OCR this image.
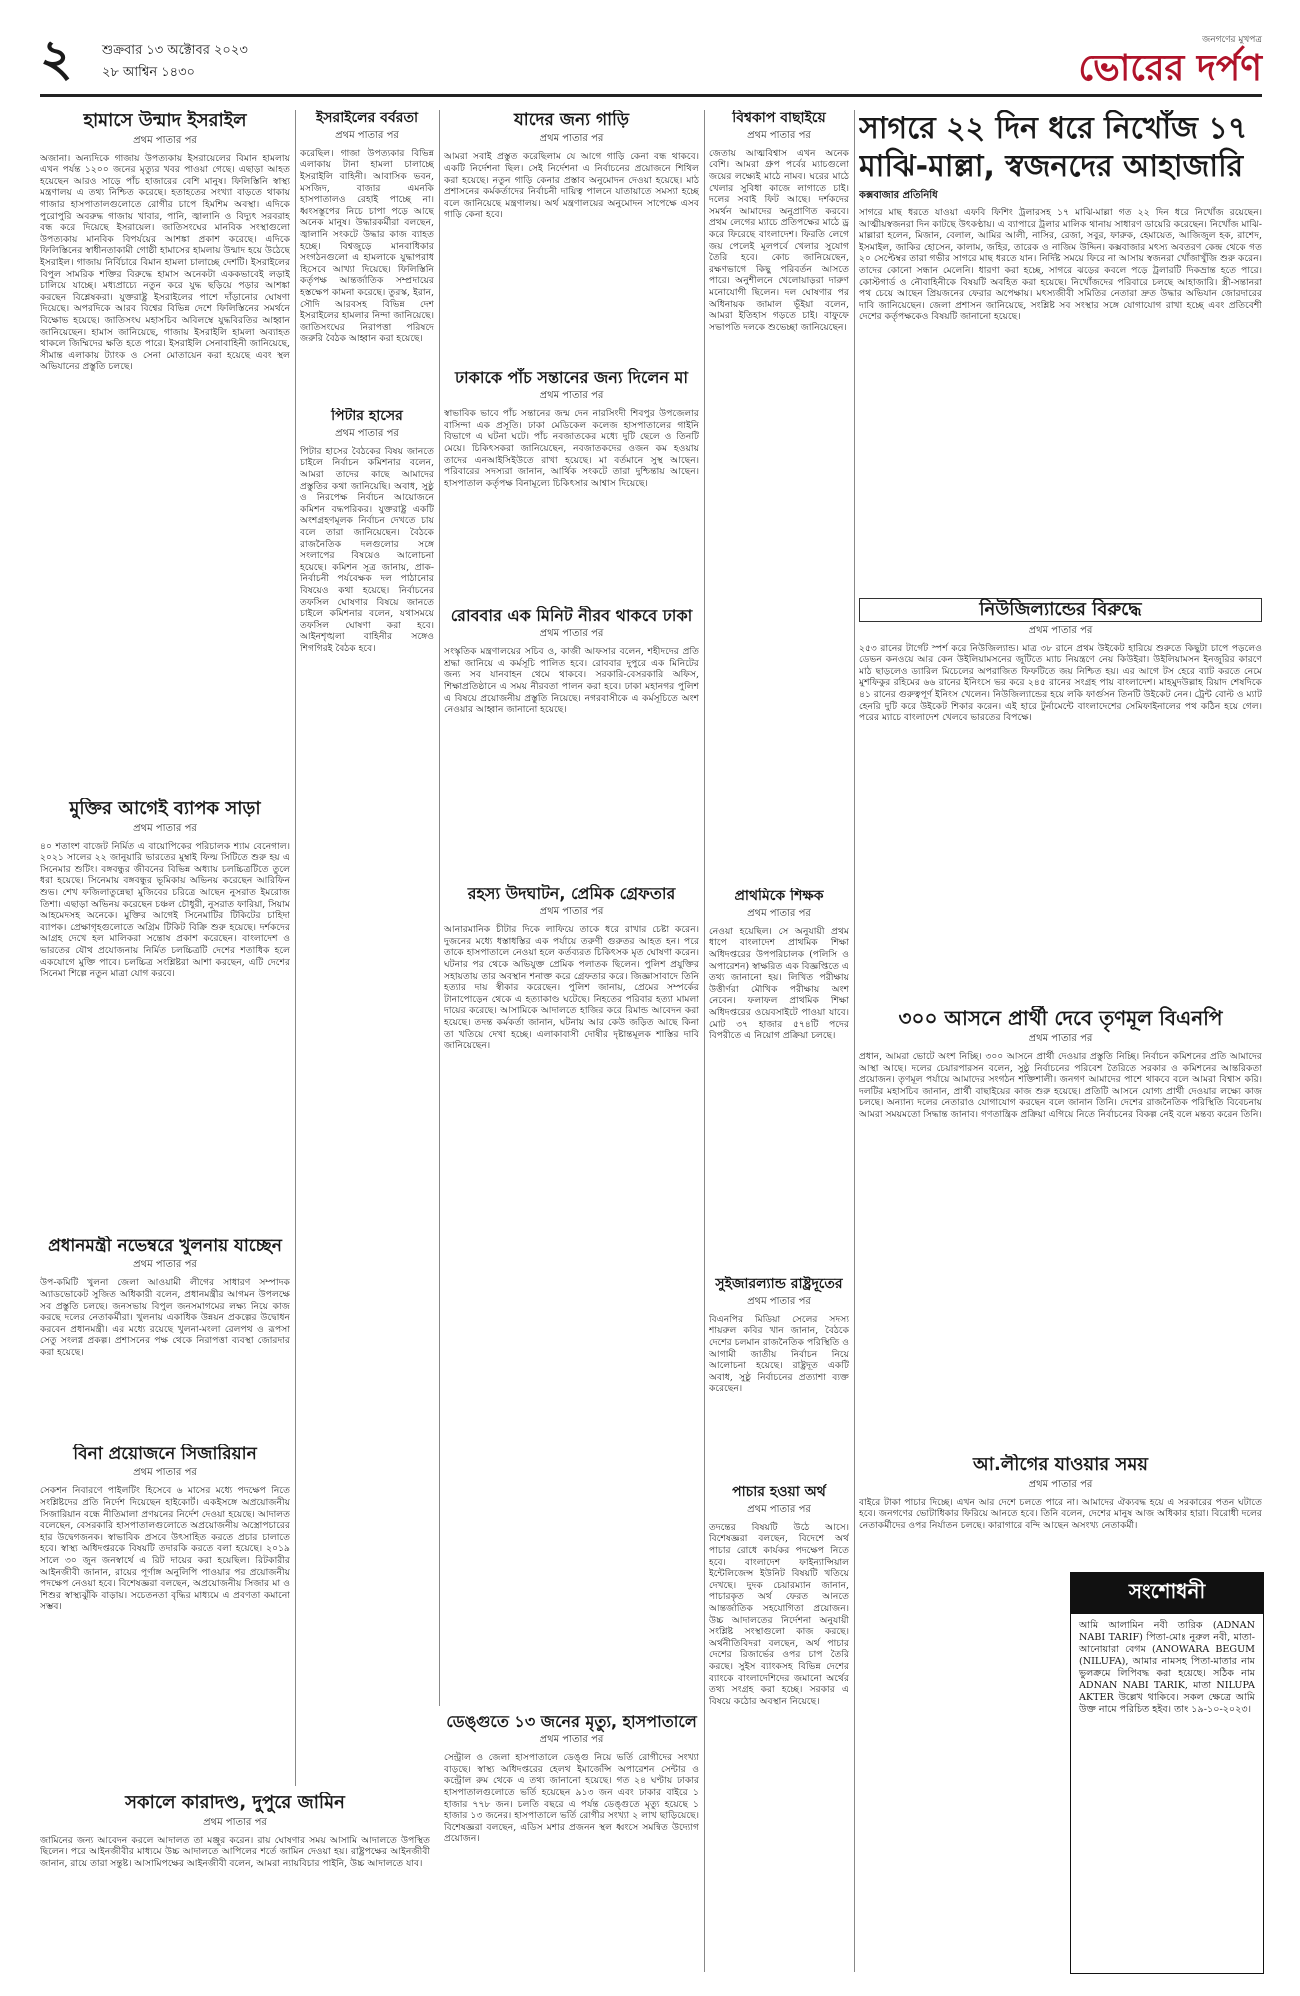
২ শুক্রবার ১৩ অক্টোবর ২০২৩
২৮ আশ্বিন ১৪৩০
জনগণের মুখপত্র
ভোরের দর্পণ
হামাসে উন্মাদ ইসরাইল
প্রথম পাতার পর
অজানা। অন্যদিকে গাজায় উপত্যকায় ইসরায়েলের বিমান হামলায় এখন পর্যন্ত ১২০০ জনের মৃত্যুর খবর পাওয়া গেছে। এছাড়া আহত হয়েছেন আরও সাড়ে পাঁচ হাজারের বেশি মানুষ। ফিলিস্তিনি স্বাস্থ্য মন্ত্রণালয় এ তথ্য নিশ্চিত করেছে। হতাহতের সংখ্যা বাড়তে থাকায় গাজার হাসপাতালগুলোতে রোগীর চাপে হিমশিম অবস্থা। এদিকে পুরোপুরি অবরুদ্ধ গাজায় খাবার, পানি, জ্বালানি ও বিদ্যুৎ সরবরাহ বন্ধ করে দিয়েছে ইসরায়েল। জাতিসংঘের মানবিক সংস্থাগুলো উপত্যকায় মানবিক বিপর্যয়ের আশঙ্কা প্রকাশ করেছে। এদিকে ফিলিস্তিনের স্বাধীনতাকামী গোষ্ঠী হামাসের হামলায় উন্মাদ হয়ে উঠেছে ইসরাইল। গাজায় নির্বিচারে বিমান হামলা চালাচ্ছে দেশটি। ইসরাইলের বিপুল সামরিক শক্তির বিরুদ্ধে হামাস অনেকটা এককভাবেই লড়াই চালিয়ে যাচ্ছে। মধ্যপ্রাচ্যে নতুন করে যুদ্ধ ছড়িয়ে পড়ার আশঙ্কা করছেন বিশ্লেষকরা। যুক্তরাষ্ট্র ইসরাইলের পাশে দাঁড়ানোর ঘোষণা দিয়েছে। অপরদিকে আরব বিশ্বের বিভিন্ন দেশে ফিলিস্তিনের সমর্থনে বিক্ষোভ হয়েছে। জাতিসংঘ মহাসচিব অবিলম্বে যুদ্ধবিরতির আহ্বান জানিয়েছেন। হামাস জানিয়েছে, গাজায় ইসরাইলি হামলা অব্যাহত থাকলে জিম্মিদের ক্ষতি হতে পারে। ইসরাইলি সেনাবাহিনী জানিয়েছে, সীমান্ত এলাকায় ট্যাংক ও সেনা মোতায়েন করা হয়েছে এবং স্থল অভিযানের প্রস্তুতি চলছে।
মুক্তির আগেই ব্যাপক সাড়া
প্রথম পাতার পর
৪০ শতাংশ বাজেট নির্মিত এ বায়োপিকের পরিচালক শ্যাম বেনেগাল। ২০২১ সালের ২২ জানুয়ারি ভারতের মুম্বাই ফিল্ম সিটিতে শুরু হয় এ সিনেমার শুটিং। বঙ্গবন্ধুর জীবনের বিভিন্ন অধ্যায় চলচ্চিত্রটিতে তুলে ধরা হয়েছে। সিনেমায় বঙ্গবন্ধুর ভূমিকায় অভিনয় করেছেন আরিফিন শুভ। শেখ ফজিলাতুন্নেছা মুজিবের চরিত্রে আছেন নুসরাত ইমরোজ তিশা। এছাড়া অভিনয় করেছেন চঞ্চল চৌধুরী, নুসরাত ফারিয়া, সিয়াম আহমেদসহ অনেকে। মুক্তির আগেই সিনেমাটির টিকিটের চাহিদা ব্যাপক। প্রেক্ষাগৃহগুলোতে অগ্রিম টিকিট বিক্রি শুরু হয়েছে। দর্শকদের আগ্রহ দেখে হল মালিকরা সন্তোষ প্রকাশ করেছেন। বাংলাদেশ ও ভারতের যৌথ প্রযোজনায় নির্মিত চলচ্চিত্রটি দেশের শতাধিক হলে একযোগে মুক্তি পাবে। চলচ্চিত্র সংশ্লিষ্টরা আশা করছেন, এটি দেশের সিনেমা শিল্পে নতুন মাত্রা যোগ করবে।
প্রধানমন্ত্রী নভেম্বরে খুলনায় যাচ্ছেন
প্রথম পাতার পর
উপ-কমিটি খুলনা জেলা আওয়ামী লীগের সাধারণ সম্পাদক অ্যাডভোকেট সুজিত অধিকারী বলেন, প্রধানমন্ত্রীর আগমন উপলক্ষে সব প্রস্তুতি চলছে। জনসভায় বিপুল জনসমাগমের লক্ষ্য নিয়ে কাজ করছে দলের নেতাকর্মীরা। খুলনায় একাধিক উন্নয়ন প্রকল্পের উদ্বোধন করবেন প্রধানমন্ত্রী। এর মধ্যে রয়েছে খুলনা-মংলা রেলপথ ও রূপসা সেতু সংলগ্ন প্রকল্প। প্রশাসনের পক্ষ থেকে নিরাপত্তা ব্যবস্থা জোরদার করা হয়েছে।
বিনা প্রয়োজনে সিজারিয়ান
প্রথম পাতার পর
সেকশন নিবারণে পাইলটিং হিসেবে ৬ মাসের মধ্যে পদক্ষেপ নিতে সংশ্লিষ্টদের প্রতি নির্দেশ দিয়েছেন হাইকোর্ট। একইসঙ্গে অপ্রয়োজনীয় সিজারিয়ান বন্ধে নীতিমালা প্রণয়নের নির্দেশ দেওয়া হয়েছে। আদালত বলেছেন, বেসরকারি হাসপাতালগুলোতে অপ্রয়োজনীয় অস্ত্রোপচারের হার উদ্বেগজনক। স্বাভাবিক প্রসবে উৎসাহিত করতে প্রচার চালাতে হবে। স্বাস্থ্য অধিদপ্তরকে বিষয়টি তদারকি করতে বলা হয়েছে। ২০১৯ সালে ৩০ জুন জনস্বার্থে এ রিট দায়ের করা হয়েছিল। রিটকারীর আইনজীবী জানান, রায়ের পূর্ণাঙ্গ অনুলিপি পাওয়ার পর প্রয়োজনীয় পদক্ষেপ নেওয়া হবে। বিশেষজ্ঞরা বলছেন, অপ্রয়োজনীয় সিজার মা ও শিশুর স্বাস্থ্যঝুঁকি বাড়ায়। সচেতনতা বৃদ্ধির মাধ্যমে এ প্রবণতা কমানো সম্ভব।
সকালে কারাদণ্ড, দুপুরে জামিন
প্রথম পাতার পর
জামিনের জন্য আবেদন করলে আদালত তা মঞ্জুর করেন। রায় ঘোষণার সময় আসামি আদালতে উপস্থিত ছিলেন। পরে আইনজীবীর মাধ্যমে উচ্চ আদালতে আপিলের শর্তে জামিন দেওয়া হয়। রাষ্ট্রপক্ষের আইনজীবী জানান, রায়ে তারা সন্তুষ্ট। আসামিপক্ষের আইনজীবী বলেন, আমরা ন্যায়বিচার পাইনি, উচ্চ আদালতে যাব।
ইসরাইলের বর্বরতা
প্রথম পাতার পর
করেছিল। গাজা উপত্যকার বিভিন্ন এলাকায় টানা হামলা চালাচ্ছে ইসরাইলি বাহিনী। আবাসিক ভবন, মসজিদ, বাজার এমনকি হাসপাতালও রেহাই পাচ্ছে না। ধ্বংসস্তূপের নিচে চাপা পড়ে আছে অনেক মানুষ। উদ্ধারকর্মীরা বলছেন, জ্বালানি সংকটে উদ্ধার কাজ ব্যাহত হচ্ছে। বিশ্বজুড়ে মানবাধিকার সংগঠনগুলো এ হামলাকে যুদ্ধাপরাধ হিসেবে আখ্যা দিয়েছে। ফিলিস্তিনি কর্তৃপক্ষ আন্তর্জাতিক সম্প্রদায়ের হস্তক্ষেপ কামনা করেছে। তুরস্ক, ইরান, সৌদি আরবসহ বিভিন্ন দেশ ইসরাইলের হামলার নিন্দা জানিয়েছে। জাতিসংঘের নিরাপত্তা পরিষদে জরুরি বৈঠক আহ্বান করা হয়েছে।
পিটার হাসের
প্রথম পাতার পর
পিটার হাসের বৈঠকের বিষয় জানতে চাইলে নির্বাচন কমিশনার বলেন, আমরা তাদের কাছে আমাদের প্রস্তুতির কথা জানিয়েছি। অবাধ, সুষ্ঠু ও নিরপেক্ষ নির্বাচন আয়োজনে কমিশন বদ্ধপরিকর। যুক্তরাষ্ট্র একটি অংশগ্রহণমূলক নির্বাচন দেখতে চায় বলে তারা জানিয়েছেন। বৈঠকে রাজনৈতিক দলগুলোর সঙ্গে সংলাপের বিষয়েও আলোচনা হয়েছে। কমিশন সূত্র জানায়, প্রাক-নির্বাচনী পর্যবেক্ষক দল পাঠানোর বিষয়েও কথা হয়েছে। নির্বাচনের তফসিল ঘোষণার বিষয়ে জানতে চাইলে কমিশনার বলেন, যথাসময়ে তফসিল ঘোষণা করা হবে। আইনশৃঙ্খলা বাহিনীর সঙ্গেও শিগগিরই বৈঠক হবে।
যাদের জন্য গাড়ি
প্রথম পাতার পর
আমরা সবাই প্রস্তুত করেছিলাম যে আগে গাড়ি কেনা বন্ধ থাকবে। একটি নির্দেশনা ছিল। সেই নির্দেশনা এ নির্বাচনের প্রয়োজনে শিথিল করা হয়েছে। নতুন গাড়ি কেনার প্রস্তাব অনুমোদন দেওয়া হয়েছে। মাঠ প্রশাসনের কর্মকর্তাদের নির্বাচনী দায়িত্ব পালনে যাতায়াতে সমস্যা হচ্ছে বলে জানিয়েছে মন্ত্রণালয়। অর্থ মন্ত্রণালয়ের অনুমোদন সাপেক্ষে এসব গাড়ি কেনা হবে।
ঢাকাকে পাঁচ সন্তানের জন্য দিলেন মা
প্রথম পাতার পর
স্বাভাবিক ভাবে পাঁচ সন্তানের জন্ম দেন নারসিংদী শিবপুর উপজেলার বাসিন্দা এক প্রসূতি। ঢাকা মেডিকেল কলেজ হাসপাতালের গাইনি বিভাগে এ ঘটনা ঘটে। পাঁচ নবজাতকের মধ্যে দুটি ছেলে ও তিনটি মেয়ে। চিকিৎসকরা জানিয়েছেন, নবজাতকদের ওজন কম হওয়ায় তাদের এনআইসিইউতে রাখা হয়েছে। মা বর্তমানে সুস্থ আছেন। পরিবারের সদস্যরা জানান, আর্থিক সংকটে তারা দুশ্চিন্তায় আছেন। হাসপাতাল কর্তৃপক্ষ বিনামূল্যে চিকিৎসার আশ্বাস দিয়েছে।
রোববার এক মিনিট নীরব থাকবে ঢাকা
প্রথম পাতার পর
সংস্কৃতিক মন্ত্রণালয়ের সচিব ও, কাজী আফসার বলেন, শহীদদের প্রতি শ্রদ্ধা জানিয়ে এ কর্মসূচি পালিত হবে। রোববার দুপুরে এক মিনিটের জন্য সব যানবাহন থেমে থাকবে। সরকারি-বেসরকারি অফিস, শিক্ষাপ্রতিষ্ঠানে এ সময় নীরবতা পালন করা হবে। ঢাকা মহানগর পুলিশ এ বিষয়ে প্রয়োজনীয় প্রস্তুতি নিয়েছে। নগরবাসীকে এ কর্মসূচিতে অংশ নেওয়ার আহ্বান জানানো হয়েছে।
রহস্য উদঘাটন, প্রেমিক গ্রেফতার
প্রথম পাতার পর
আনারমানিক চীটার দিকে লাফিয়ে তাকে ধরে রাখার চেষ্টা করেন। দুজনের মধ্যে ধস্তাধস্তির এক পর্যায়ে তরুণী গুরুতর আহত হন। পরে তাকে হাসপাতালে নেওয়া হলে কর্তব্যরত চিকিৎসক মৃত ঘোষণা করেন। ঘটনার পর থেকে অভিযুক্ত প্রেমিক পলাতক ছিলেন। পুলিশ প্রযুক্তির সহায়তায় তার অবস্থান শনাক্ত করে গ্রেফতার করে। জিজ্ঞাসাবাদে তিনি হত্যার দায় স্বীকার করেছেন। পুলিশ জানায়, প্রেমের সম্পর্কের টানাপোড়েন থেকে এ হত্যাকাণ্ড ঘটেছে। নিহতের পরিবার হত্যা মামলা দায়ের করেছে। আসামিকে আদালতে হাজির করে রিমান্ড আবেদন করা হয়েছে। তদন্ত কর্মকর্তা জানান, ঘটনায় আর কেউ জড়িত আছে কিনা তা খতিয়ে দেখা হচ্ছে। এলাকাবাসী দোষীর দৃষ্টান্তমূলক শাস্তির দাবি জানিয়েছেন।
ডেঙ্গুতে ১৩ জনের মৃত্যু, হাসপাতালে
প্রথম পাতার পর
সেন্ট্রাল ও জেলা হাসপাতালে ডেঙ্গু নিয়ে ভর্তি রোগীদের সংখ্যা বাড়ছে। স্বাস্থ্য অধিদপ্তরের হেলথ ইমার্জেন্সি অপারেশন সেন্টার ও কন্ট্রোল রুম থেকে এ তথ্য জানানো হয়েছে। গত ২৪ ঘণ্টায় ঢাকার হাসপাতালগুলোতে ভর্তি হয়েছেন ৯১৩ জন এবং ঢাকার বাইরে ১ হাজার ৭৭৮ জন। চলতি বছরে এ পর্যন্ত ডেঙ্গুতে মৃত্যু হয়েছে ১ হাজার ১৩ জনের। হাসপাতালে ভর্তি রোগীর সংখ্যা ২ লাখ ছাড়িয়েছে। বিশেষজ্ঞরা বলছেন, এডিস মশার প্রজনন স্থল ধ্বংসে সমন্বিত উদ্যোগ প্রয়োজন।
বিশ্বকাপ বাছাইয়ে
প্রথম পাতার পর
জেতায় আত্মবিশ্বাস এখন অনেক বেশি। আমরা গ্রুপ পর্বের ম্যাচগুলো জয়ের লক্ষ্যেই মাঠে নামব। ঘরের মাঠে খেলার সুবিধা কাজে লাগাতে চাই। দলের সবাই ফিট আছে। দর্শকদের সমর্থন আমাদের অনুপ্রাণিত করবে। প্রথম লেগের ম্যাচে প্রতিপক্ষের মাঠে ড্র করে ফিরেছে বাংলাদেশ। ফিরতি লেগে জয় পেলেই মূলপর্বে খেলার সুযোগ তৈরি হবে। কোচ জানিয়েছেন, রক্ষণভাগে কিছু পরিবর্তন আসতে পারে। অনুশীলনে খেলোয়াড়রা দারুণ মনোযোগী ছিলেন। দল ঘোষণার পর অধিনায়ক জামাল ভূঁইয়া বলেন, আমরা ইতিহাস গড়তে চাই। বাফুফে সভাপতি দলকে শুভেচ্ছা জানিয়েছেন।
প্রাথমিকে শিক্ষক
প্রথম পাতার পর
নেওয়া হয়েছিল। সে অনুযায়ী প্রথম ধাপে বাংলাদেশ প্রাথমিক শিক্ষা অধিদপ্তরের উপপরিচালক (পলিসি ও অপারেশন) স্বাক্ষরিত এক বিজ্ঞপ্তিতে এ তথ্য জানানো হয়। লিখিত পরীক্ষায় উত্তীর্ণরা মৌখিক পরীক্ষায় অংশ নেবেন। ফলাফল প্রাথমিক শিক্ষা অধিদপ্তরের ওয়েবসাইটে পাওয়া যাবে। মোট ৩৭ হাজার ৫৭৪টি পদের বিপরীতে এ নিয়োগ প্রক্রিয়া চলছে।
সুইজারল্যান্ড রাষ্ট্রদূতের
প্রথম পাতার পর
বিএনপির মিডিয়া সেলের সদস্য শায়রুল কবির খান জানান, বৈঠকে দেশের চলমান রাজনৈতিক পরিস্থিতি ও আগামী জাতীয় নির্বাচন নিয়ে আলোচনা হয়েছে। রাষ্ট্রদূত একটি অবাধ, সুষ্ঠু নির্বাচনের প্রত্যাশা ব্যক্ত করেছেন।
পাচার হওয়া অর্থ
প্রথম পাতার পর
তদন্তের বিষয়টি উঠে আসে। বিশেষজ্ঞরা বলছেন, বিদেশে অর্থ পাচার রোধে কার্যকর পদক্ষেপ নিতে হবে। বাংলাদেশ ফাইন্যান্সিয়াল ইন্টেলিজেন্স ইউনিট বিষয়টি খতিয়ে দেখছে। দুদক চেয়ারম্যান জানান, পাচারকৃত অর্থ ফেরত আনতে আন্তর্জাতিক সহযোগিতা প্রয়োজন। উচ্চ আদালতের নির্দেশনা অনুযায়ী সংশ্লিষ্ট সংস্থাগুলো কাজ করছে। অর্থনীতিবিদরা বলছেন, অর্থ পাচার দেশের রিজার্ভের ওপর চাপ তৈরি করছে। সুইস ব্যাংকসহ বিভিন্ন দেশের ব্যাংকে বাংলাদেশিদের জমানো অর্থের তথ্য সংগ্রহ করা হচ্ছে। সরকার এ বিষয়ে কঠোর অবস্থান নিয়েছে।
সাগরে ২২ দিন ধরে নিখোঁজ ১৭ মাঝি-মাল্লা, স্বজনদের আহাজারি
কক্সবাজার প্রতিনিধি
সাগরে মাছ ধরতে যাওয়া এফবি ফিশিং ট্রলারসহ ১৭ মাঝি-মাল্লা গত ২২ দিন ধরে নিখোঁজ রয়েছেন। আত্মীয়স্বজনরা দিন কাটছে উৎকণ্ঠায়। এ ব্যাপারে ট্রলার মালিক থানায় সাধারণ ডায়েরি করেছেন। নিখোঁজ মাঝি-মাল্লারা হলেন, মিজান, বেলাল, আমির আলী, নাসির, রেজা, সবুর, ফারুক, হেমায়েত, আজিজুল হক, রাশেদ, ইসমাইল, জাকির হোসেন, কালাম, জহির, তারেক ও নাজিম উদ্দিন। কক্সবাজার মৎস্য অবতরণ কেন্দ্র থেকে গত ২০ সেপ্টেম্বর তারা গভীর সাগরে মাছ ধরতে যান। নির্দিষ্ট সময়ে ফিরে না আসায় স্বজনরা খোঁজাখুঁজি শুরু করেন। তাদের কোনো সন্ধান মেলেনি। ধারণা করা হচ্ছে, সাগরে ঝড়ের কবলে পড়ে ট্রলারটি দিকভ্রান্ত হতে পারে। কোস্টগার্ড ও নৌবাহিনীকে বিষয়টি অবহিত করা হয়েছে। নিখোঁজদের পরিবারে চলছে আহাজারি। স্ত্রী-সন্তানরা পথ চেয়ে আছেন প্রিয়জনের ফেরার অপেক্ষায়। মৎস্যজীবী সমিতির নেতারা দ্রুত উদ্ধার অভিযান জোরদারের দাবি জানিয়েছেন। জেলা প্রশাসন জানিয়েছে, সংশ্লিষ্ট সব সংস্থার সঙ্গে যোগাযোগ রাখা হচ্ছে এবং প্রতিবেশী দেশের কর্তৃপক্ষকেও বিষয়টি জানানো হয়েছে।
নিউজিল্যান্ডের বিরুদ্ধে
প্রথম পাতার পর
২৫৩ রানের টার্গেট স্পর্শ করে নিউজিল্যান্ড। মাত্র ৩৮ রানে প্রথম উইকেট হারিয়ে শুরুতে কিছুটা চাপে পড়লেও ডেভন কনওয়ে আর কেন উইলিয়ামসনের জুটিতে ম্যাচ নিয়ন্ত্রণে নেয় কিউইরা। উইলিয়ামসন ইনজুরির কারণে মাঠ ছাড়লেও ড্যারিল মিচেলের অপরাজিত ফিফটিতে জয় নিশ্চিত হয়। এর আগে টস হেরে ব্যাট করতে নেমে মুশফিকুর রহিমের ৬৬ রানের ইনিংসে ভর করে ২৪৫ রানের সংগ্রহ পায় বাংলাদেশ। মাহমুদউল্লাহ রিয়াদ শেষদিকে ৪১ রানের গুরুত্বপূর্ণ ইনিংস খেলেন। নিউজিল্যান্ডের হয়ে লকি ফার্গুসন তিনটি উইকেট নেন। ট্রেন্ট বোল্ট ও ম্যাট হেনরি দুটি করে উইকেট শিকার করেন। এই হারে টুর্নামেন্টে বাংলাদেশের সেমিফাইনালের পথ কঠিন হয়ে গেল। পরের ম্যাচে বাংলাদেশ খেলবে ভারতের বিপক্ষে।
৩০০ আসনে প্রার্থী দেবে তৃণমূল বিএনপি
প্রথম পাতার পর
প্রধান, আমরা ভোটে অংশ নিচ্ছি। ৩০০ আসনে প্রার্থী দেওয়ার প্রস্তুতি নিচ্ছি। নির্বাচন কমিশনের প্রতি আমাদের আস্থা আছে। দলের চেয়ারপারসন বলেন, সুষ্ঠু নির্বাচনের পরিবেশ তৈরিতে সরকার ও কমিশনের আন্তরিকতা প্রয়োজন। তৃণমূল পর্যায়ে আমাদের সংগঠন শক্তিশালী। জনগণ আমাদের পাশে থাকবে বলে আমরা বিশ্বাস করি। দলটির মহাসচিব জানান, প্রার্থী বাছাইয়ের কাজ শুরু হয়েছে। প্রতিটি আসনে যোগ্য প্রার্থী দেওয়ার লক্ষ্যে কাজ চলছে। অন্যান্য দলের নেতারাও যোগাযোগ করছেন বলে জানান তিনি। দেশের রাজনৈতিক পরিস্থিতি বিবেচনায় আমরা সময়মতো সিদ্ধান্ত জানাব। গণতান্ত্রিক প্রক্রিয়া এগিয়ে নিতে নির্বাচনের বিকল্প নেই বলে মন্তব্য করেন তিনি।
আ.লীগের যাওয়ার সময়
প্রথম পাতার পর
বাইরে টাকা পাচার দিচ্ছে। এখন আর দেশে চলতে পারে না। আমাদের ঐক্যবদ্ধ হয়ে এ সরকারের পতন ঘটাতে হবে। জনগণের ভোটাধিকার ফিরিয়ে আনতে হবে। তিনি বলেন, দেশের মানুষ আজ অধিকার হারা। বিরোধী দলের নেতাকর্মীদের ওপর নির্যাতন চলছে। কারাগারে বন্দি আছেন অসংখ্য নেতাকর্মী।
সংশোধনী
আমি আলামিন নবী তারিক (ADNAN NABI TARIF) পিতা-মোঃ নুরুল নবী, মাতা-আনোয়ারা বেগম (ANOWARA BEGUM (NILUFA), আমার নামসহ পিতা-মাতার নাম ভুলক্রমে লিপিবদ্ধ করা হয়েছে। সঠিক নাম ADNAN NABI TARIK, মাতা NILUPA AKTER উল্লেখ থাকিবে। সকল ক্ষেত্রে আমি উক্ত নামে পরিচিত হইব। তাং ১৯-১০-২০২৩।
